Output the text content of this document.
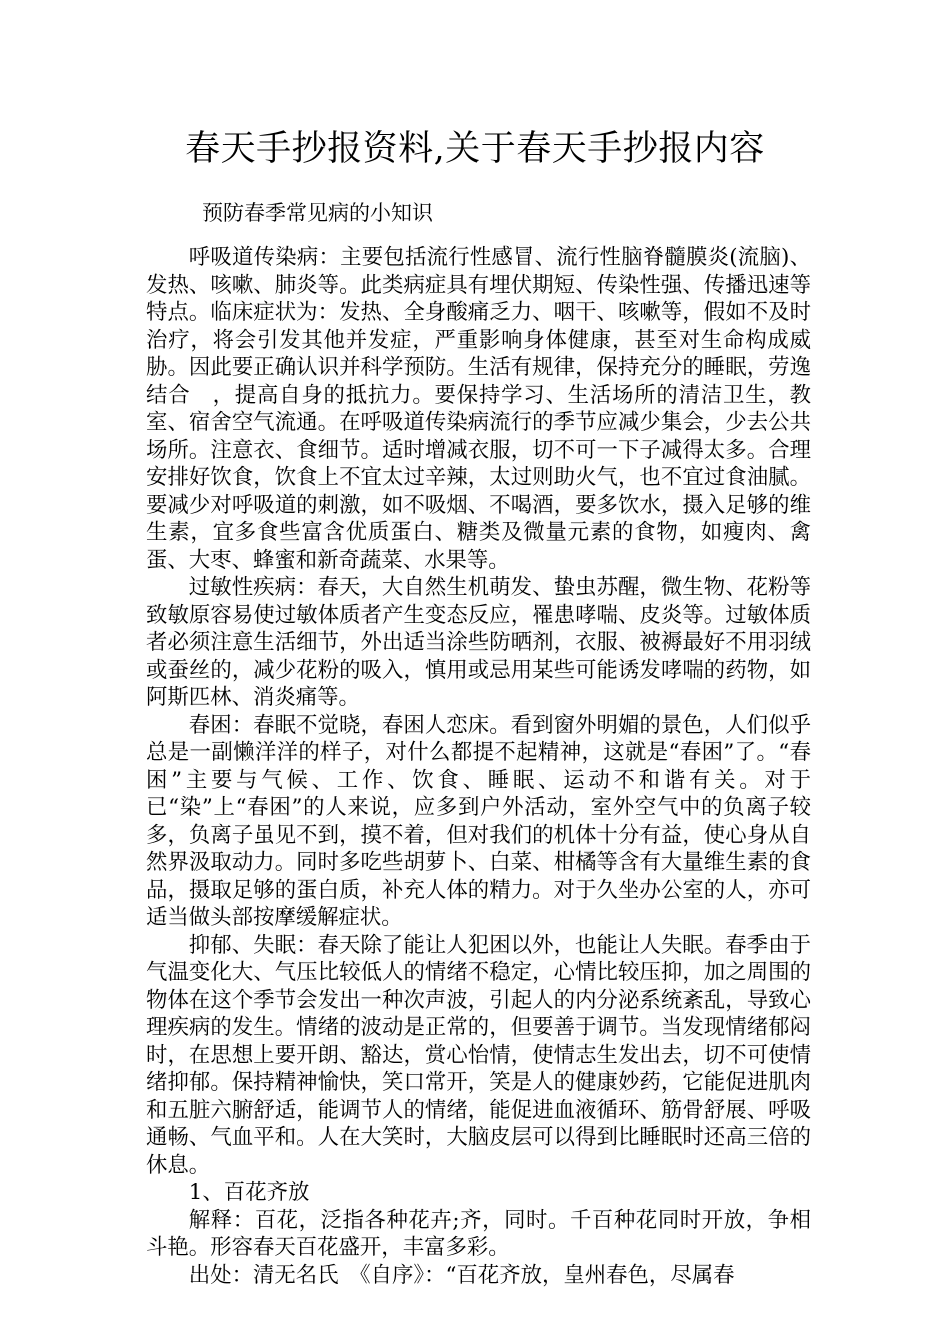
春天手抄报资料,关于春天手抄报内容

预防春季常见病的小知识

呼吸道传染病：主要包括流行性感冒、流行性脑脊髓膜炎(流脑)、发热、咳嗽、肺炎等。此类病症具有埋伏期短、传染性强、传播迅速等特点。临床症状为：发热、全身酸痛乏力、咽干、咳嗽等，假如不及时治疗，将会引发其他并发症，严重影响身体健康，甚至对生命构成威胁。因此要正确认识并科学预防。生活有规律，保持充分的睡眠，劳逸结合　，提高自身的抵抗力。要保持学习、生活场所的清洁卫生，教室、宿舍空气流通。在呼吸道传染病流行的季节应减少集会，少去公共场所。注意衣、食细节。适时增减衣服，切不可一下子减得太多。合理安排好饮食，饮食上不宜太过辛辣，太过则助火气，也不宜过食油腻。要减少对呼吸道的刺激，如不吸烟、不喝酒，要多饮水，摄入足够的维生素，宜多食些富含优质蛋白、糖类及微量元素的食物，如瘦肉、禽蛋、大枣、蜂蜜和新奇蔬菜、水果等。

过敏性疾病：春天，大自然生机萌发、蛰虫苏醒，微生物、花粉等致敏原容易使过敏体质者产生变态反应，罹患哮喘、皮炎等。过敏体质者必须注意生活细节，外出适当涂些防晒剂，衣服、被褥最好不用羽绒或蚕丝的，减少花粉的吸入，慎用或忌用某些可能诱发哮喘的药物，如阿斯匹林、消炎痛等。

春困：春眠不觉晓，春困人恋床。看到窗外明媚的景色，人们似乎总是一副懒洋洋的样子，对什么都提不起精神，这就是“春困”了。“春困”主要与气候、工作、饮食、睡眠、运动不和谐有关。对于已“染”上“春困”的人来说，应多到户外活动，室外空气中的负离子较多，负离子虽见不到，摸不着，但对我们的机体十分有益，使心身从自然界汲取动力。同时多吃些胡萝卜、白菜、柑橘等含有大量维生素的食品，摄取足够的蛋白质，补充人体的精力。对于久坐办公室的人，亦可适当做头部按摩缓解症状。

抑郁、失眠：春天除了能让人犯困以外，也能让人失眠。春季由于气温变化大、气压比较低人的情绪不稳定，心情比较压抑，加之周围的物体在这个季节会发出一种次声波，引起人的内分泌系统紊乱，导致心理疾病的发生。情绪的波动是正常的，但要善于调节。当发现情绪郁闷时，在思想上要开朗、豁达，赏心怡情，使情志生发出去，切不可使情绪抑郁。保持精神愉快，笑口常开，笑是人的健康妙药，它能促进肌肉和五脏六腑舒适，能调节人的情绪，能促进血液循环、筋骨舒展、呼吸通畅、气血平和。人在大笑时，大脑皮层可以得到比睡眠时还高三倍的休息。

1、百花齐放

解释：百花，泛指各种花卉;齐，同时。千百种花同时开放，争相斗艳。形容春天百花盛开，丰富多彩。

出处：清无名氏　《自序》：“百花齐放，皇州春色，尽属春
